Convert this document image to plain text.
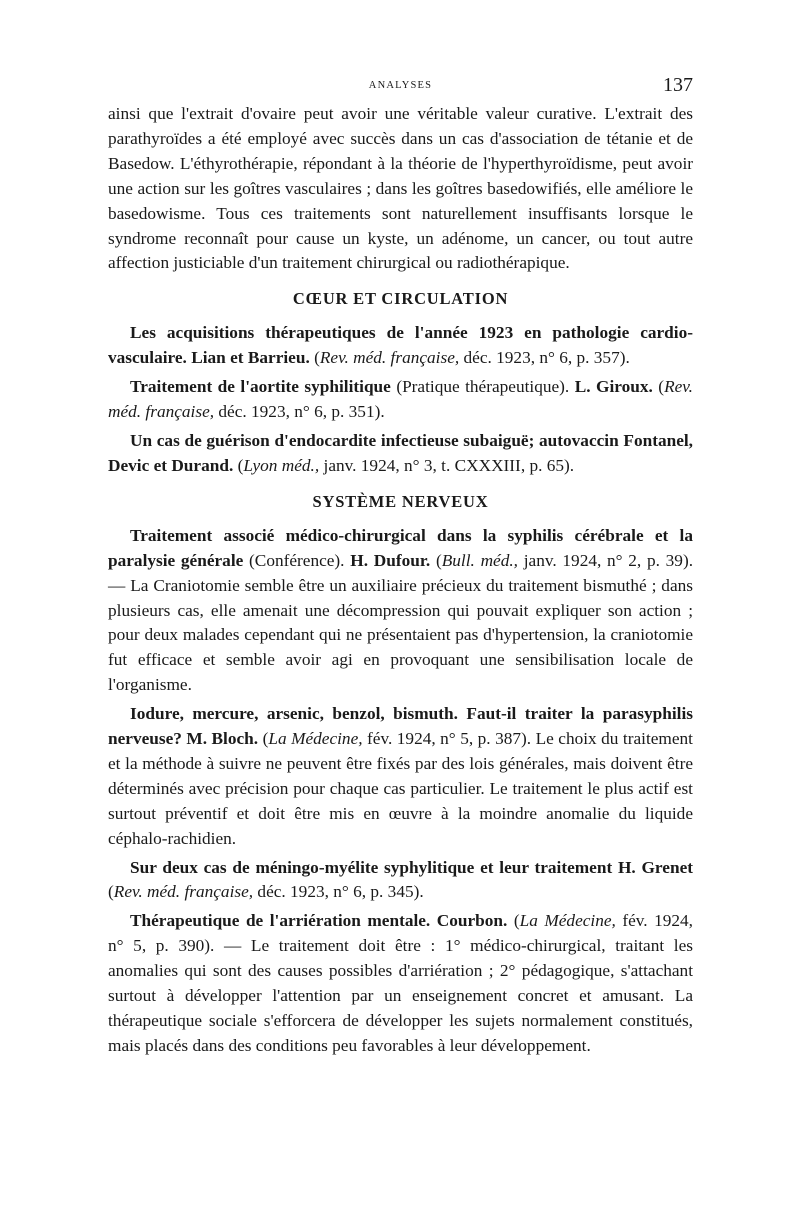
ANALYSES	137

ainsi que l'extrait d'ovaire peut avoir une véritable valeur curative. L'extrait des parathyroïdes a été employé avec succès dans un cas d'association de tétanie et de Basedow. L'éthyrothérapie, répondant à la théorie de l'hyperthyroïdisme, peut avoir une action sur les goîtres vasculaires ; dans les goîtres basedowifiés, elle améliore le basedowisme. Tous ces traitements sont naturellement insuffisants lorsque le syndrome reconnaît pour cause un kyste, un adénome, un cancer, ou tout autre affection justiciable d'un traitement chirurgical ou radiothérapique.

CŒUR ET CIRCULATION

Les acquisitions thérapeutiques de l'année 1923 en pathologie cardio-vasculaire. Lian et Barrieu. (Rev. méd. française, déc. 1923, n° 6, p. 357).

Traitement de l'aortite syphilitique (Pratique thérapeutique). L. Giroux. (Rev. méd. française, déc. 1923, n° 6, p. 351).

Un cas de guérison d'endocardite infectieuse subaiguë; autovaccin Fontanel, Devic et Durand. (Lyon méd., janv. 1924, n° 3, t. CXXXIII, p. 65).

SYSTÈME NERVEUX

Traitement associé médico-chirurgical dans la syphilis cérébrale et la paralysie générale (Conférence). H. Dufour. (Bull. méd., janv. 1924, n° 2, p. 39). — La Craniotomie semble être un auxiliaire précieux du traitement bismuthé ; dans plusieurs cas, elle amenait une décompression qui pouvait expliquer son action ; pour deux malades cependant qui ne présentaient pas d'hypertension, la craniotomie fut efficace et semble avoir agi en provoquant une sensibilisation locale de l'organisme.

Iodure, mercure, arsenic, benzol, bismuth. Faut-il traiter la parasyphilis nerveuse? M. Bloch. (La Médecine, fév. 1924, n° 5, p. 387). Le choix du traitement et la méthode à suivre ne peuvent être fixés par des lois générales, mais doivent être déterminés avec précision pour chaque cas particulier. Le traitement le plus actif est surtout préventif et doit être mis en œuvre à la moindre anomalie du liquide céphalo-rachidien.

Sur deux cas de méningo-myélite syphylitique et leur traitement H. Grenet (Rev. méd. française, déc. 1923, n° 6, p. 345).

Thérapeutique de l'arriération mentale. Courbon. (La Médecine, fév. 1924, n° 5, p. 390). — Le traitement doit être : 1° médico-chirurgical, traitant les anomalies qui sont des causes possibles d'arriération ; 2° pédagogique, s'attachant surtout à développer l'attention par un enseignement concret et amusant. La thérapeutique sociale s'efforcera de développer les sujets normalement constitués, mais placés dans des conditions peu favorables à leur développement.
